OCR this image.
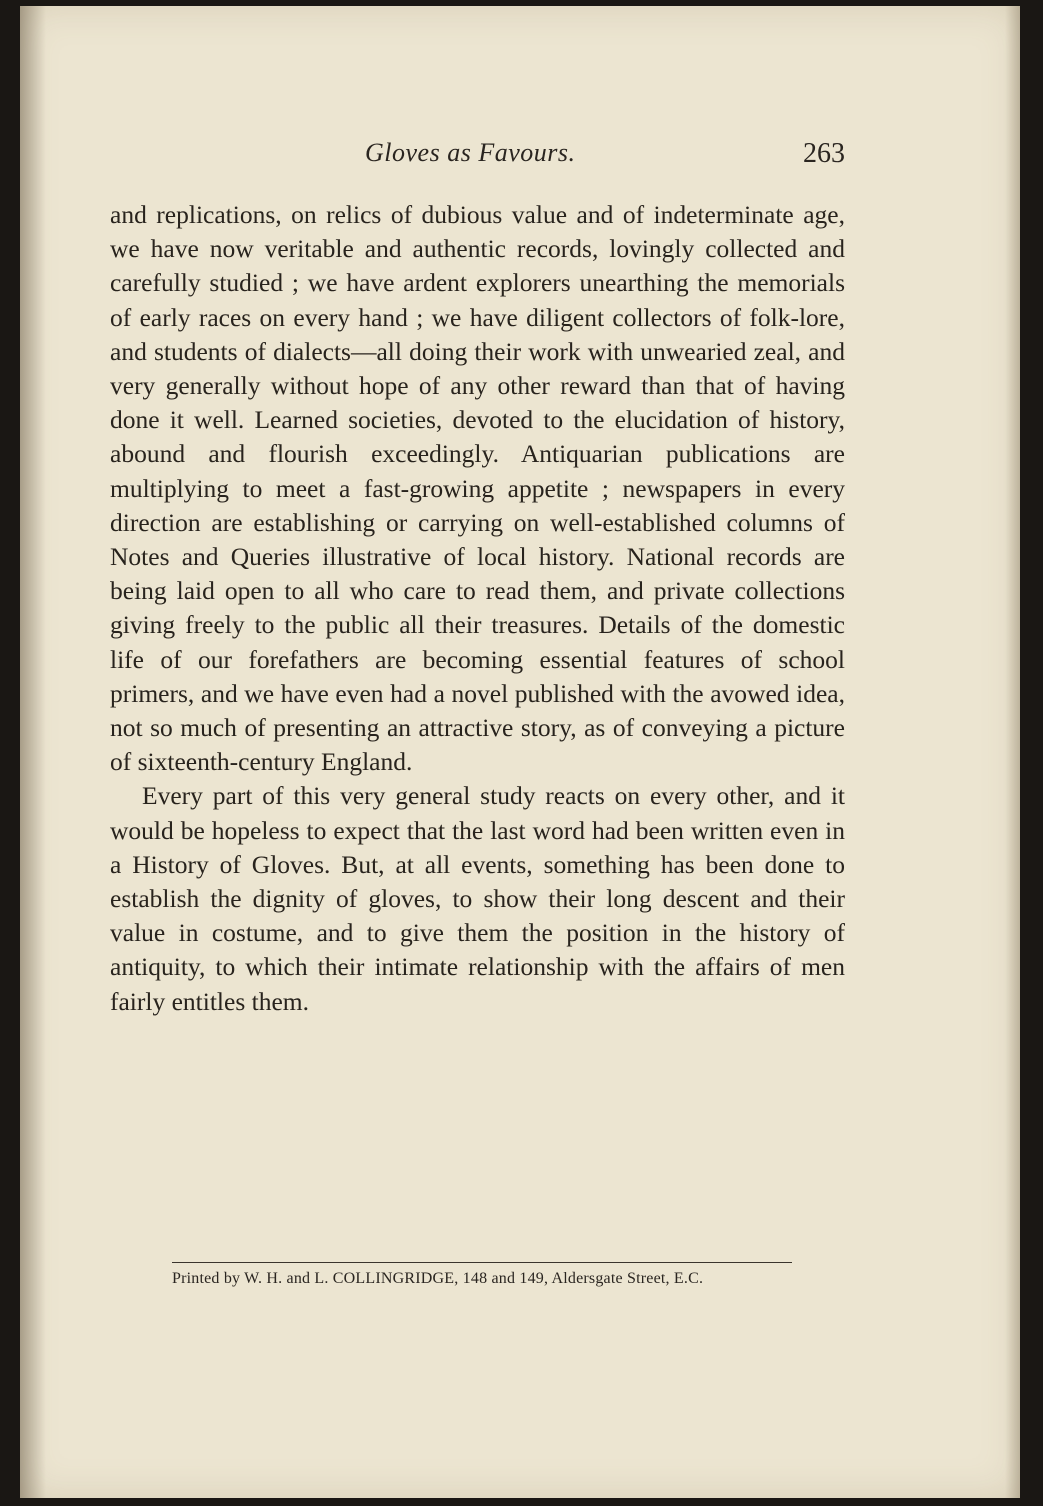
Gloves as Favours.	263

and replications, on relics of dubious value and of indeterminate age, we have now veritable and authentic records, lovingly collected and carefully studied ; we have ardent explorers unearthing the memorials of early races on every hand ; we have diligent collectors of folk-lore, and students of dialects—all doing their work with unwearied zeal, and very generally without hope of any other reward than that of having done it well. Learned societies, devoted to the elucidation of history, abound and flourish exceedingly. Antiquarian publications are multiplying to meet a fast-growing appetite ; newspapers in every direction are establishing or carrying on well-established columns of Notes and Queries illustrative of local history. National records are being laid open to all who care to read them, and private collections giving freely to the public all their treasures. Details of the domestic life of our forefathers are becoming essential features of school primers, and we have even had a novel published with the avowed idea, not so much of presenting an attractive story, as of conveying a picture of sixteenth-century England.

Every part of this very general study reacts on every other, and it would be hopeless to expect that the last word had been written even in a History of Gloves. But, at all events, something has been done to establish the dignity of gloves, to show their long descent and their value in costume, and to give them the position in the history of antiquity, to which their intimate relationship with the affairs of men fairly entitles them.

Printed by W. H. and L. COLLINGRIDGE, 148 and 149, Aldersgate Street, E.C.
